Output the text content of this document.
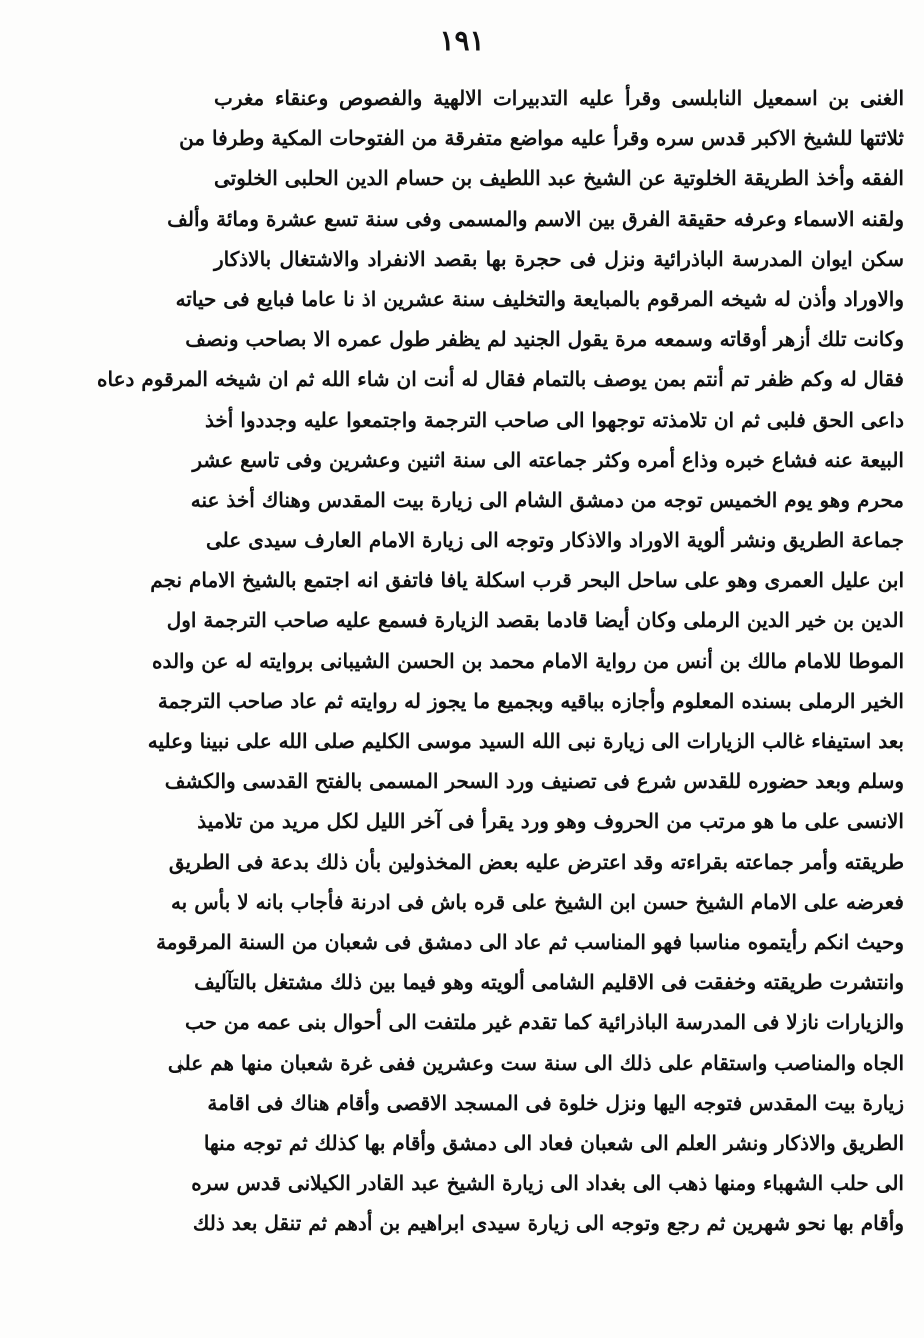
١٩١
الغنى بن اسمعيل النابلسى وقرأ عليه التدبيرات الالهية والفصوص وعنقاء مغرب
ثلاثتها للشيخ الاكبر قدس سره وقرأ عليه مواضع متفرقة من الفتوحات المكية وطرفا من
الفقه وأخذ الطريقة الخلوتية عن الشيخ عبد اللطيف بن حسام الدين الحلبى الخلوتى
ولقنه الاسماء وعرفه حقيقة الفرق بين الاسم والمسمى وفى سنة تسع عشرة ومائة وألف
سكن ايوان المدرسة الباذرائية ونزل فى حجرة بها بقصد الانفراد والاشتغال بالاذكار
والاوراد وأذن له شيخه المرقوم بالمبايعة والتخليف سنة عشرين اذ نا عاما فبايع فى حياته
وكانت تلك أزهر أوقاته وسمعه مرة يقول الجنيد لم يظفر طول عمره الا بصاحب ونصف
فقال له وكم ظفر تم أنتم بمن يوصف بالتمام فقال له أنت ان شاء الله ثم ان شيخه المرقوم دعاه
داعى الحق فلبى ثم ان تلامذته توجهوا الى صاحب الترجمة واجتمعوا عليه وجددوا أخذ
البيعة عنه فشاع خبره وذاع أمره وكثر جماعته الى سنة اثنين وعشرين وفى تاسع عشر
محرم وهو يوم الخميس توجه من دمشق الشام الى زيارة بيت المقدس وهناك أخذ عنه
جماعة الطريق ونشر ألوية الاوراد والاذكار وتوجه الى زيارة الامام العارف سيدى على
ابن عليل العمرى وهو على ساحل البحر قرب اسكلة يافا فاتفق انه اجتمع بالشيخ الامام نجم
الدين بن خير الدين الرملى وكان أيضا قادما بقصد الزيارة فسمع عليه صاحب الترجمة اول
الموطا للامام مالك بن أنس من رواية الامام محمد بن الحسن الشيبانى بروايته له عن والده
الخير الرملى بسنده المعلوم وأجازه بباقيه وبجميع ما يجوز له روايته ثم عاد صاحب الترجمة
بعد استيفاء غالب الزيارات الى زيارة نبى الله السيد موسى الكليم صلى الله على نبينا وعليه
وسلم وبعد حضوره للقدس شرع فى تصنيف ورد السحر المسمى بالفتح القدسى والكشف
الانسى على ما هو مرتب من الحروف وهو ورد يقرأ فى آخر الليل لكل مريد من تلاميذ
طريقته وأمر جماعته بقراءته وقد اعترض عليه بعض المخذولين بأن ذلك بدعة فى الطريق
فعرضه على الامام الشيخ حسن ابن الشيخ على قره باش فى ادرنة فأجاب بانه لا بأس به
وحيث انكم رأيتموه مناسبا فهو المناسب ثم عاد الى دمشق فى شعبان من السنة المرقومة
وانتشرت طريقته وخفقت فى الاقليم الشامى ألويته وهو فيما بين ذلك مشتغل بالتآليف
والزيارات نازلا فى المدرسة الباذرائية كما تقدم غير ملتفت الى أحوال بنى عمه من حب
الجاه والمناصب واستقام على ذلك الى سنة ست وعشرين ففى غرة شعبان منها هم على
زيارة بيت المقدس فتوجه اليها ونزل خلوة فى المسجد الاقصى وأقام هناك فى اقامة
الطريق والاذكار ونشر العلم الى شعبان فعاد الى دمشق وأقام بها كذلك ثم توجه منها
الى حلب الشهباء ومنها ذهب الى بغداد الى زيارة الشيخ عبد القادر الكيلانى قدس سره
وأقام بها نحو شهرين ثم رجع وتوجه الى زيارة سيدى ابراهيم بن أدهم ثم تنقل بعد ذلك
